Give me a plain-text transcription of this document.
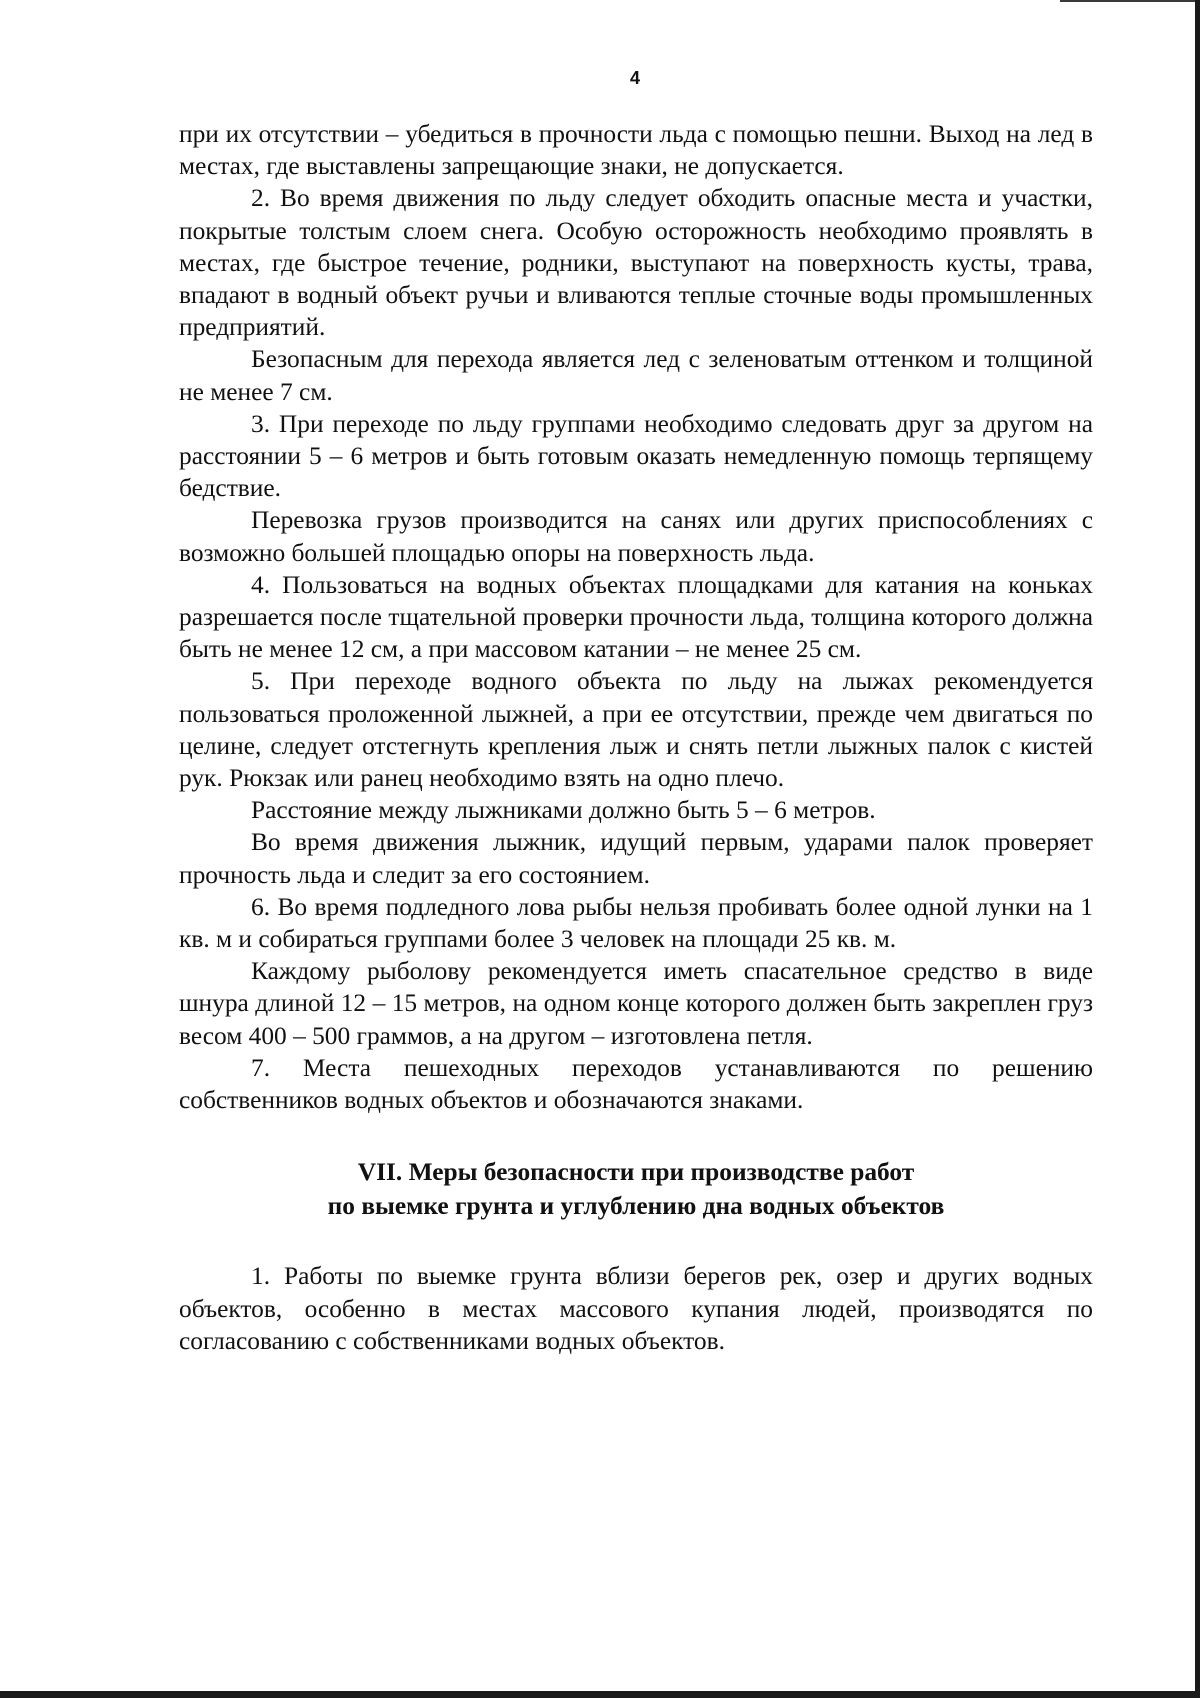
4

при их отсутствии – убедиться в прочности льда с помощью пешни. Выход на лед в местах, где выставлены запрещающие знаки, не допускается.

2. Во время движения по льду следует обходить опасные места и участки, покрытые толстым слоем снега. Особую осторожность необходимо проявлять в местах, где быстрое течение, родники, выступают на поверхность кусты, трава, впадают в водный объект ручьи и вливаются теплые сточные воды промышленных предприятий.

Безопасным для перехода является лед с зеленоватым оттенком и толщиной не менее 7 см.

3. При переходе по льду группами необходимо следовать друг за другом на расстоянии 5 – 6 метров и быть готовым оказать немедленную помощь терпящему бедствие.

Перевозка грузов производится на санях или других приспособлениях с возможно большей площадью опоры на поверхность льда.

4. Пользоваться на водных объектах площадками для катания на коньках разрешается после тщательной проверки прочности льда, толщина которого должна быть не менее 12 см, а при массовом катании – не менее 25 см.

5. При переходе водного объекта по льду на лыжах рекомендуется пользоваться проложенной лыжней, а при ее отсутствии, прежде чем двигаться по целине, следует отстегнуть крепления лыж и снять петли лыжных палок с кистей рук. Рюкзак или ранец необходимо взять на одно плечо.

Расстояние между лыжниками должно быть 5 – 6 метров.

Во время движения лыжник, идущий первым, ударами палок проверяет прочность льда и следит за его состоянием.

6. Во время подледного лова рыбы нельзя пробивать более одной лунки на 1 кв. м и собираться группами более 3 человек на площади 25 кв. м.

Каждому рыболову рекомендуется иметь спасательное средство в виде шнура длиной 12 – 15 метров, на одном конце которого должен быть закреплен груз весом 400 – 500 граммов, а на другом – изготовлена петля.

7. Места пешеходных переходов устанавливаются по решению собственников водных объектов и обозначаются знаками.

VII. Меры безопасности при производстве работ
по выемке грунта и углублению дна водных объектов

1. Работы по выемке грунта вблизи берегов рек, озер и других водных объектов, особенно в местах массового купания людей, производятся по согласованию с собственниками водных объектов.
